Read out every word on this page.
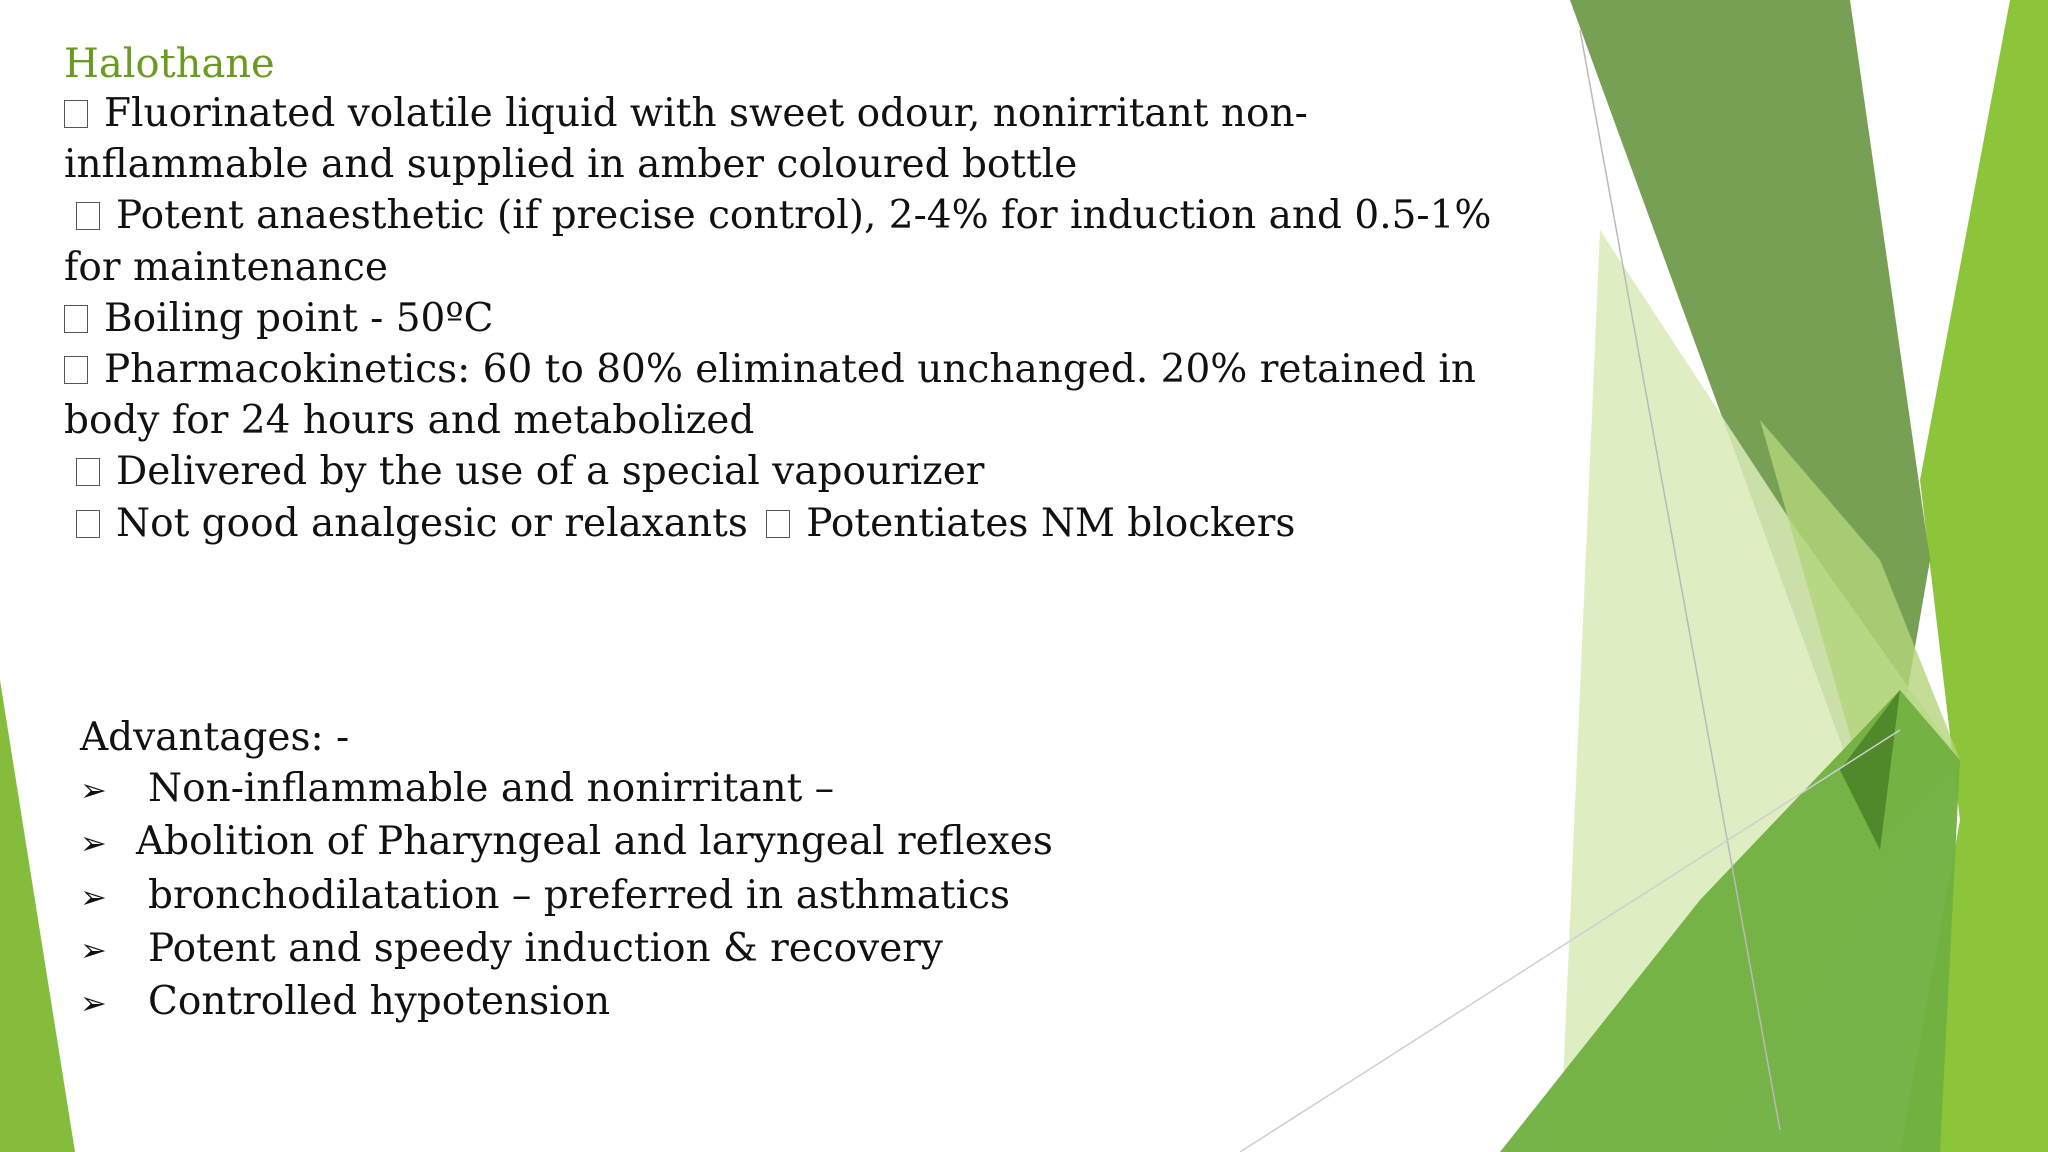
Halothane
Fluorinated volatile liquid with sweet odour, nonirritant non-
inflammable and supplied in amber coloured bottle
Potent anaesthetic (if precise control), 2-4% for induction and 0.5-1%
for maintenance
Boiling point - 50ºC
Pharmacokinetics: 60 to 80% eliminated unchanged. 20% retained in
body for 24 hours and metabolized
Delivered by the use of a special vapourizer
Not good analgesic or relaxants Potentiates NM blockers
Advantages: -
➢ Non-inflammable and nonirritant –
➢ Abolition of Pharyngeal and laryngeal reflexes
➢ bronchodilatation – preferred in asthmatics
➢ Potent and speedy induction & recovery
➢ Controlled hypotension
